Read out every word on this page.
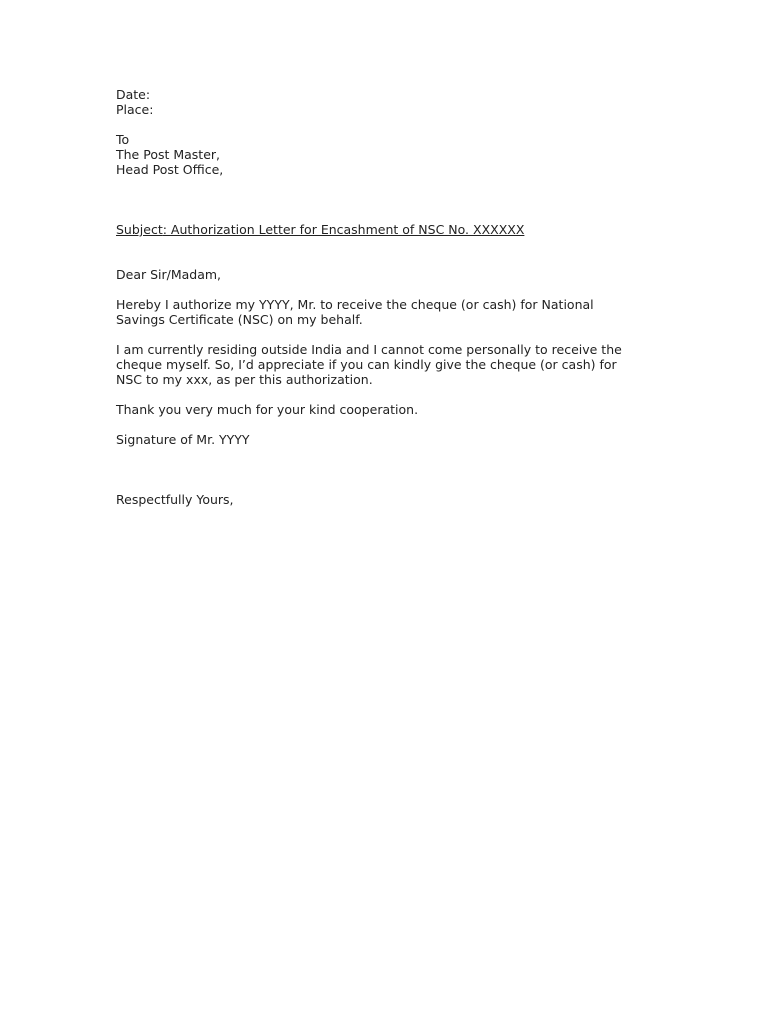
Date:
Place:
To
The Post Master,
Head Post Office,
Subject: Authorization Letter for Encashment of NSC No. XXXXXX
Dear Sir/Madam,
Hereby I authorize my YYYY, Mr. to receive the cheque (or cash) for National
Savings Certificate (NSC) on my behalf.
I am currently residing outside India and I cannot come personally to receive the
cheque myself. So, I’d appreciate if you can kindly give the cheque (or cash) for
NSC to my xxx, as per this authorization.
Thank you very much for your kind cooperation.
Signature of Mr. YYYY
Respectfully Yours,
